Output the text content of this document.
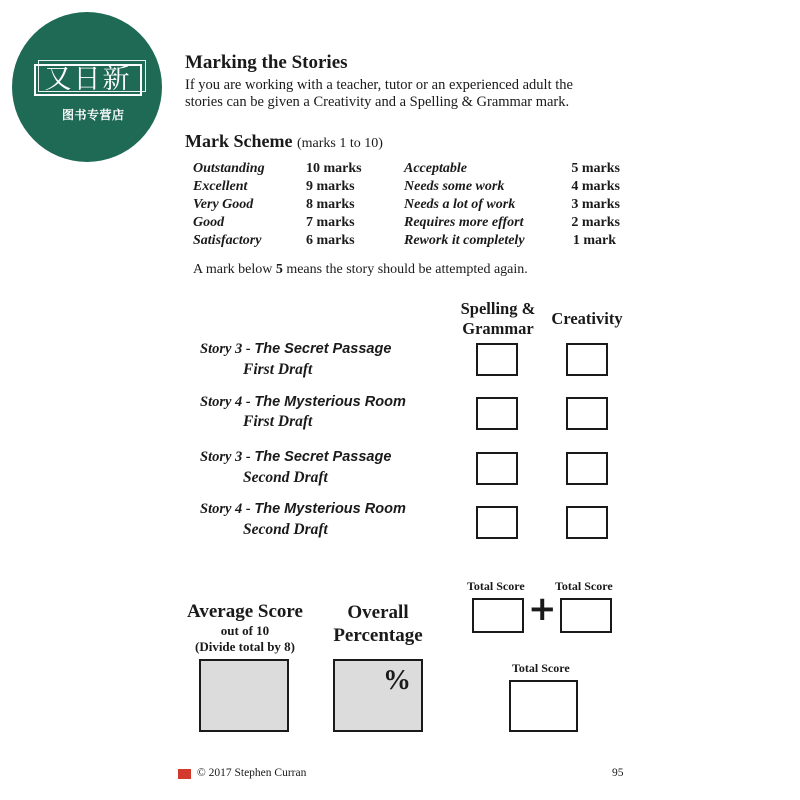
又日新
图书专营店
Marking the Stories
If you are working with a teacher, tutor or an experienced adult the
stories can be given a Creativity and a Spelling & Grammar mark.
Mark Scheme (marks 1 to 10)
Outstanding
Excellent
Very Good
Good
Satisfactory
10 marks
9 marks
8 marks
7 marks
6 marks
Acceptable
Needs some work
Needs a lot of work
Requires more effort
Rework it completely
5 marks
4 marks
3 marks
2 marks
1 mark
A mark below 5 means the story should be attempted again.
Spelling &
Grammar
Creativity
Story 3 - The Secret Passage
First Draft
Story 4 - The Mysterious Room
First Draft
Story 3 - The Secret Passage
Second Draft
Story 4 - The Mysterious Room
Second Draft
Average Score
out of 10
(Divide total by 8)
Overall
Percentage
%
Total Score	Total Score
+
Total Score
© 2017 Stephen Curran	95
